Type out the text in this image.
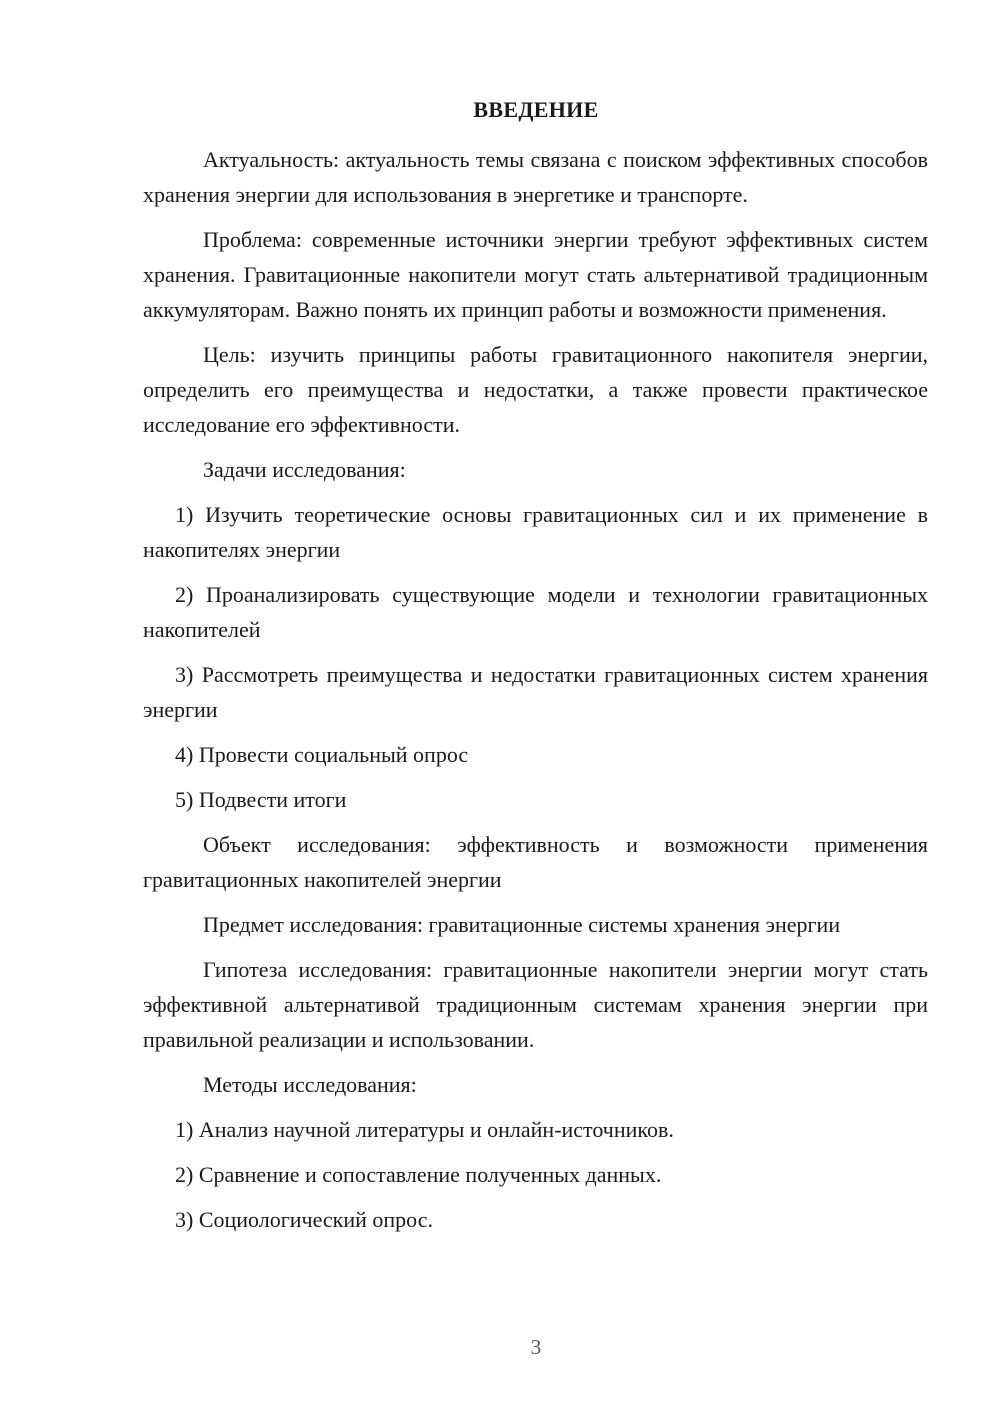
ВВЕДЕНИЕ

Актуальность: актуальность темы связана с поиском эффективных способов хранения энергии для использования в энергетике и транспорте.

Проблема: современные источники энергии требуют эффективных систем хранения. Гравитационные накопители могут стать альтернативой традиционным аккумуляторам. Важно понять их принцип работы и возможности применения.

Цель: изучить принципы работы гравитационного накопителя энергии, определить его преимущества и недостатки, а также провести практическое исследование его эффективности.

Задачи исследования:

1) Изучить теоретические основы гравитационных сил и их применение в накопителях энергии

2) Проанализировать существующие модели и технологии гравитационных накопителей

3) Рассмотреть преимущества и недостатки гравитационных систем хранения энергии

4) Провести социальный опрос

5) Подвести итоги

Объект исследования: эффективность и возможности применения гравитационных накопителей энергии

Предмет исследования: гравитационные системы хранения энергии

Гипотеза исследования: гравитационные накопители энергии могут стать эффективной альтернативой традиционным системам хранения энергии при правильной реализации и использовании.

Методы исследования:

1) Анализ научной литературы и онлайн-источников.

2) Сравнение и сопоставление полученных данных.

3) Социологический опрос.

3
